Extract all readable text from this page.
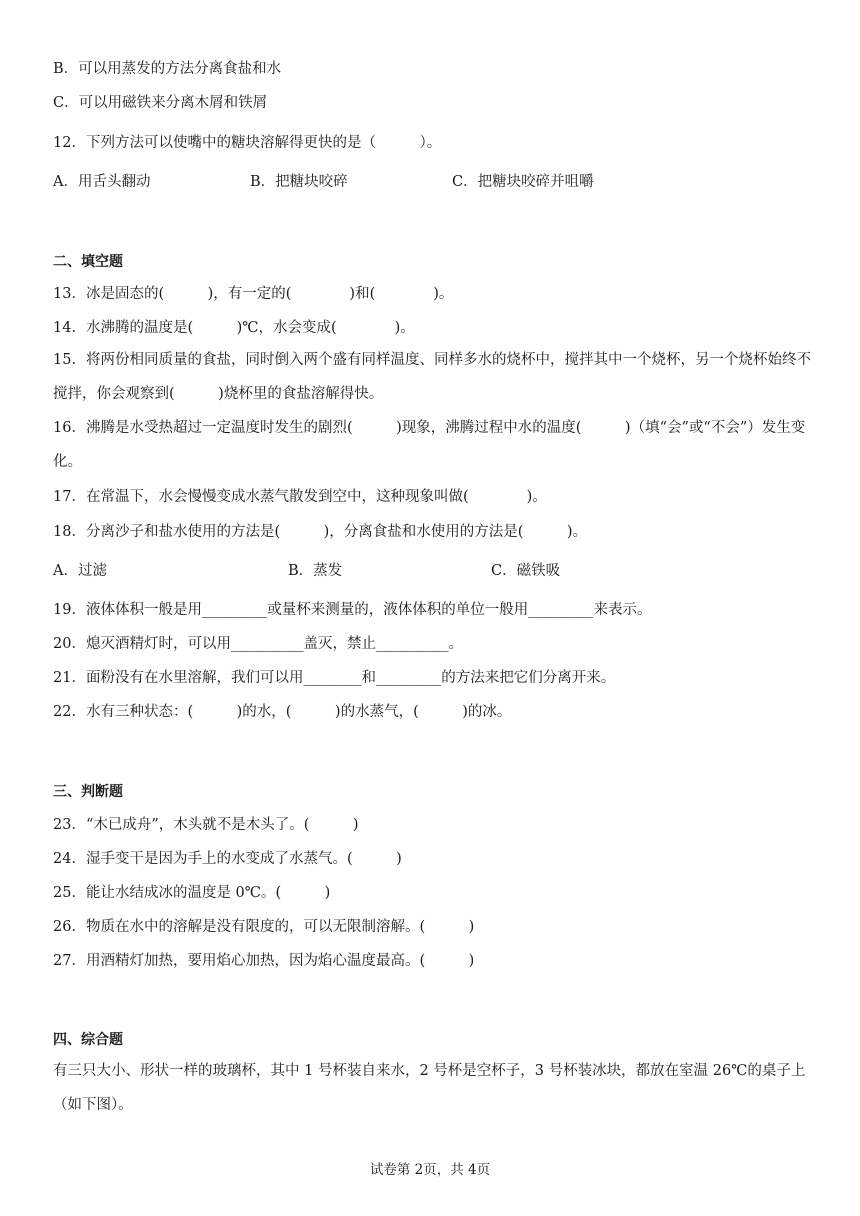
B．可以用蒸发的方法分离食盐和水
C．可以用磁铁来分离木屑和铁屑
12．下列方法可以使嘴中的糖块溶解得更快的是（　　　）。
A．用舌头翻动	B．把糖块咬碎	C．把糖块咬碎并咀嚼
二、填空题
13．冰是固态的(　　　)，有一定的(　　　　)和(　　　　)。
14．水沸腾的温度是(　　　)℃，水会变成(　　　　)。
15．将两份相同质量的食盐，同时倒入两个盛有同样温度、同样多水的烧杯中，搅拌其中一个烧杯，另一个烧杯始终不搅拌，你会观察到(　　　)烧杯里的食盐溶解得快。
16．沸腾是水受热超过一定温度时发生的剧烈(　　　)现象，沸腾过程中水的温度(　　　)（填“会”或“不会”）发生变化。
17．在常温下，水会慢慢变成水蒸气散发到空中，这种现象叫做(　　　　)。
18．分离沙子和盐水使用的方法是(　　　)，分离食盐和水使用的方法是(　　　)。
A．过滤	B．蒸发	C．磁铁吸
19．液体体积一般是用_________或量杯来测量的，液体体积的单位一般用_________来表示。
20．熄灭酒精灯时，可以用__________盖灭，禁止__________。
21．面粉没有在水里溶解，我们可以用________和_________的方法来把它们分离开来。
22．水有三种状态：(　　　)的水，(　　　)的水蒸气，(　　　)的冰。
三、判断题
23．“木已成舟”，木头就不是木头了。(　　　)
24．湿手变干是因为手上的水变成了水蒸气。(　　　)
25．能让水结成冰的温度是 0℃。(　　　)
26．物质在水中的溶解是没有限度的，可以无限制溶解。(　　　)
27．用酒精灯加热，要用焰心加热，因为焰心温度最高。(　　　)
四、综合题
有三只大小、形状一样的玻璃杯，其中 1 号杯装自来水，2 号杯是空杯子，3 号杯装冰块，都放在室温 26℃的桌子上（如下图）。
试卷第 2页，共 4页
